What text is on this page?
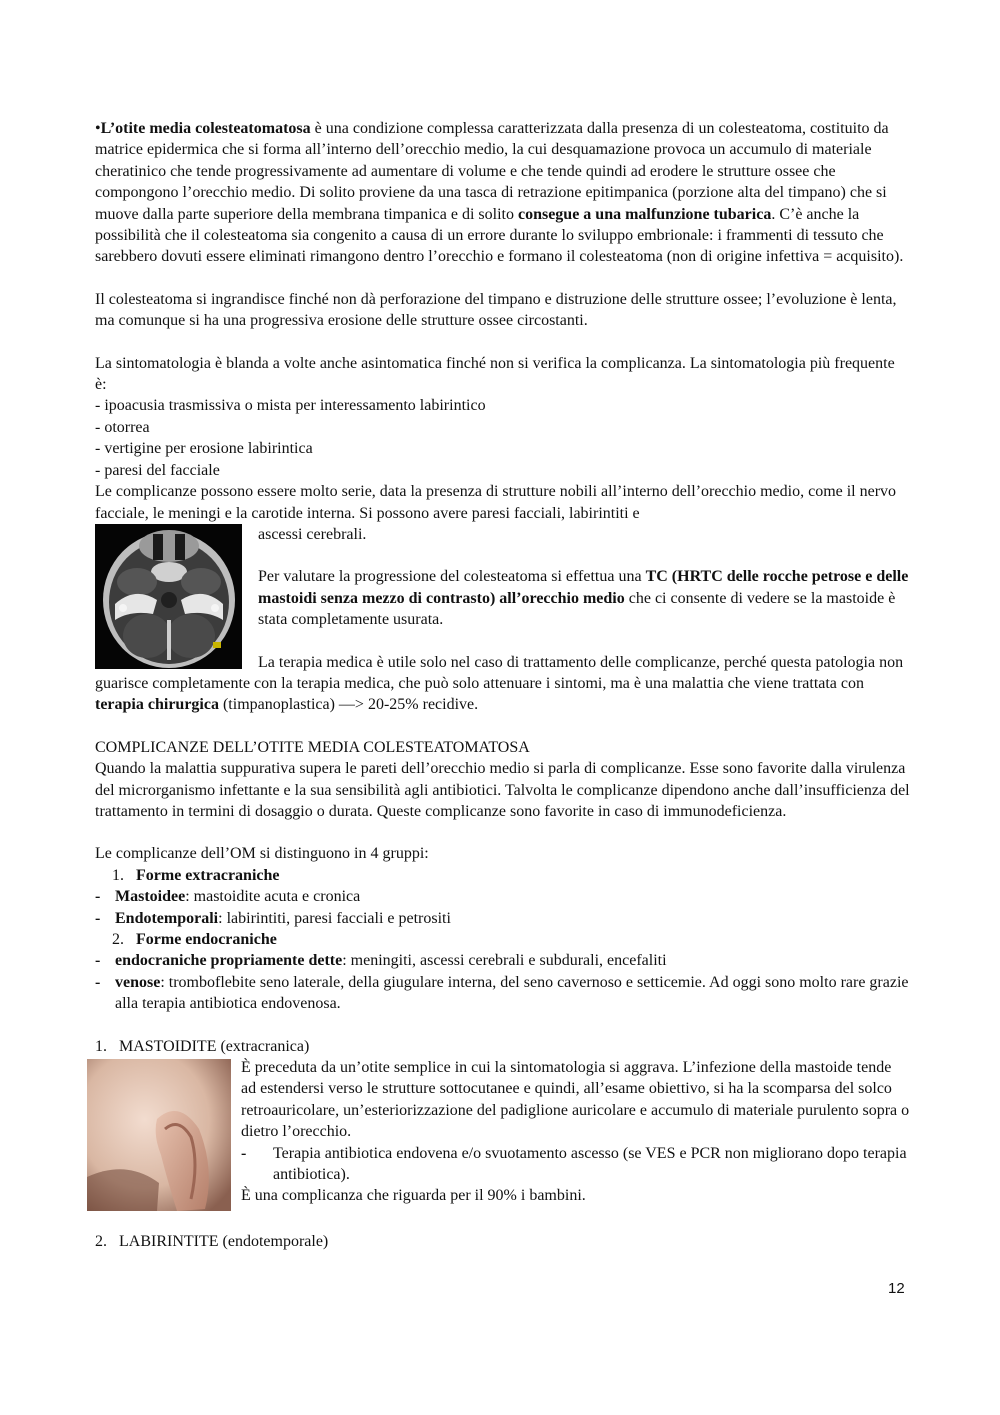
•L’otite media colesteatomatosa è una condizione complessa caratterizzata dalla presenza di un colesteatoma, costituito da matrice epidermica che si forma all’interno dell’orecchio medio, la cui desquamazione provoca un accumulo di materiale cheratinico che tende progressivamente ad aumentare di volume e che tende quindi ad erodere le strutture ossee che compongono l’orecchio medio. Di solito proviene da una tasca di retrazione epitimpanica (porzione alta del timpano) che si muove dalla parte superiore della membrana timpanica e di solito consegue a una malfunzione tubarica. C’è anche la possibilità che il colesteatoma sia congenito a causa di un errore durante lo sviluppo embrionale: i frammenti di tessuto che sarebbero dovuti essere eliminati rimangono dentro l’orecchio e formano il colesteatoma (non di origine infettiva = acquisito).

Il colesteatoma si ingrandisce finché non dà perforazione del timpano e distruzione delle strutture ossee; l’evoluzione è lenta, ma comunque si ha una progressiva erosione delle strutture ossee circostanti.

La sintomatologia è blanda a volte anche asintomatica finché non si verifica la complicanza. La sintomatologia più frequente è:

- ipoacusia trasmissiva o mista per interessamento labirintico
- otorrea
- vertigine per erosione labirintica
- paresi del facciale

Le complicanze possono essere molto serie, data la presenza di strutture nobili all’interno dell’orecchio medio, come il nervo facciale, le meningi e la carotide interna. Si possono avere paresi facciali, labirintiti e

ascessi cerebrali.

Per valutare la progressione del colesteatoma si effettua una TC (HRTC delle rocche petrose e delle mastoidi senza mezzo di contrasto) all’orecchio medio che ci consente di vedere se la mastoide è stata completamente usurata.

La terapia medica è utile solo nel caso di trattamento delle complicanze, perché questa patologia non guarisce completamente con la terapia medica, che può solo attenuare i sintomi, ma è una malattia che viene trattata con terapia chirurgica (timpanoplastica) —> 20-25% recidive.

COMPLICANZE DELL’OTITE MEDIA COLESTEATOMATOSA

Quando la malattia suppurativa supera le pareti dell’orecchio medio si parla di complicanze. Esse sono favorite dalla virulenza del microrganismo infettante e la sua sensibilità agli antibiotici. Talvolta le complicanze dipendono anche dall’insufficienza del trattamento in termini di dosaggio o durata. Queste complicanze sono favorite in caso di immunodeficienza.

Le complicanze dell’OM si distinguono in 4 gruppi:

1. Forme extracraniche
- Mastoidee: mastoidite acuta e cronica
- Endotemporali: labirintiti, paresi facciali e petrositi
2. Forme endocraniche
- endocraniche propriamente dette: meningiti, ascessi cerebrali e subdurali, encefaliti
- venose: tromboflebite seno laterale, della giugulare interna, del seno cavernoso e setticemie. Ad oggi sono molto rare grazie alla terapia antibiotica endovenosa.

1. MASTOIDITE (extracranica)

È preceduta da un’otite semplice in cui la sintomatologia si aggrava. L’infezione della mastoide tende ad estendersi verso le strutture sottocutanee e quindi, all’esame obiettivo, si ha la scomparsa del solco retroauricolare, un’esteriorizzazione del padiglione auricolare e accumulo di materiale purulento sopra o dietro l’orecchio.

-	Terapia antibiotica endovena e/o svuotamento ascesso (se VES e PCR non migliorano dopo terapia antibiotica).

È una complicanza che riguarda per il 90% i bambini.

2. LABIRINTITE (endotemporale)

12
